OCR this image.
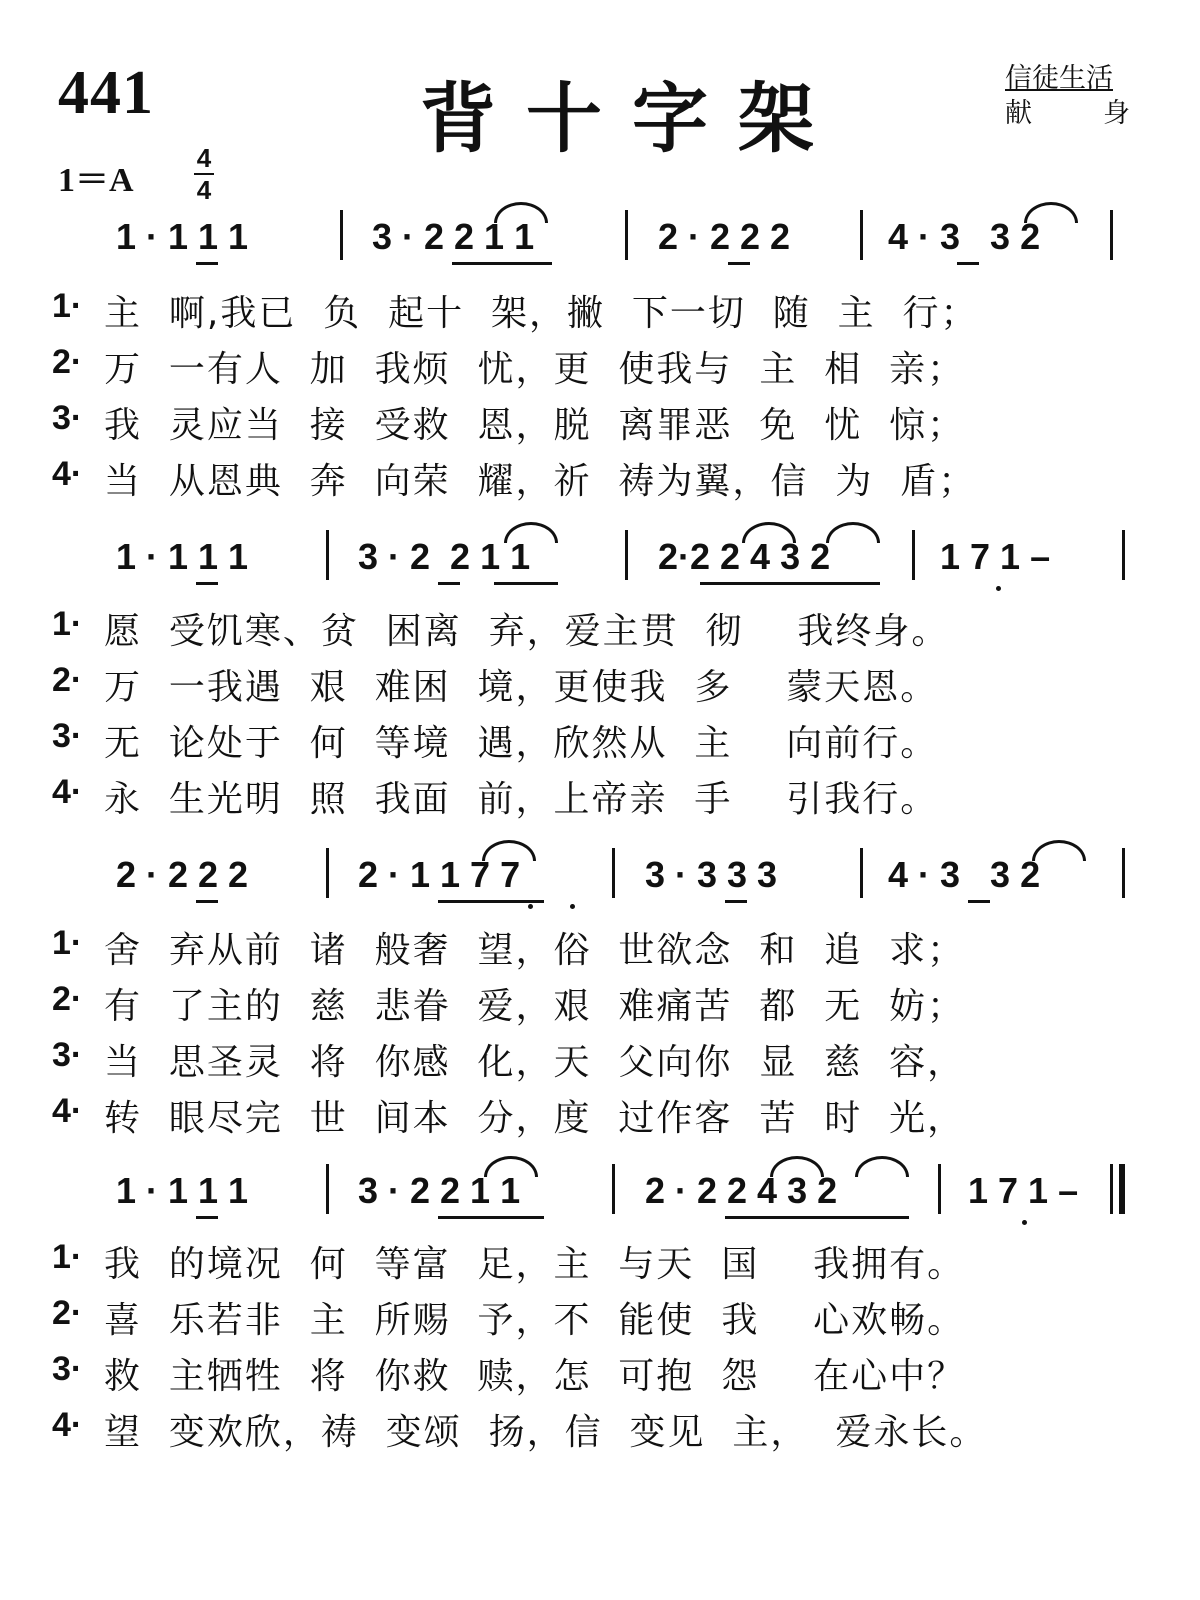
441	背十字架	信徒生活
献	身
1＝A
4
4
1 · 1 1 1	3 · 2 2 1 1	2 · 2 2 2	4 · 3   3 2
1· 主  啊,我已  负  起十  架，撇  下一切  随  主  行；
2· 万  一有人  加  我烦  忧，更  使我与  主  相  亲；
3· 我  灵应当  接  受救  恩，脱  离罪恶  免  忧  惊；
4· 当  从恩典  奔  向荣  耀，祈  祷为翼，信  为  盾；
1 · 1 1 1	3 · 2  2 1 1	2·2 2 4 3 2	1 7 1 –
1· 愿  受饥寒、贫  困离  弃，爱主贯  彻    我终身。
2· 万  一我遇  艰  难困  境，更使我  多    蒙天恩。
3· 无  论处于  何  等境  遇，欣然从  主    向前行。
4· 永  生光明  照  我面  前，上帝亲  手    引我行。
2 · 2 2 2	2 · 1 1 7 7	3 · 3 3 3	4 · 3   3 2
1· 舍  弃从前  诸  般奢  望，俗  世欲念  和  追  求；
2· 有  了主的  慈  悲眷  爱，艰  难痛苦  都  无  妨；
3· 当  思圣灵  将  你感  化，天  父向你  显  慈  容，
4· 转  眼尽完  世  间本  分，度  过作客  苦  时  光，
1 · 1 1 1	3 · 2 2 1 1	2 · 2 2 4 3 2	1 7 1 –
1· 我  的境况  何  等富  足，主  与天  国    我拥有。
2· 喜  乐若非  主  所赐  予，不  能使  我    心欢畅。
3· 救  主牺牲  将  你救  赎，怎  可抱  怨    在心中？
4· 望  变欢欣，祷  变颂  扬，信  变见  主，  爱永长。
